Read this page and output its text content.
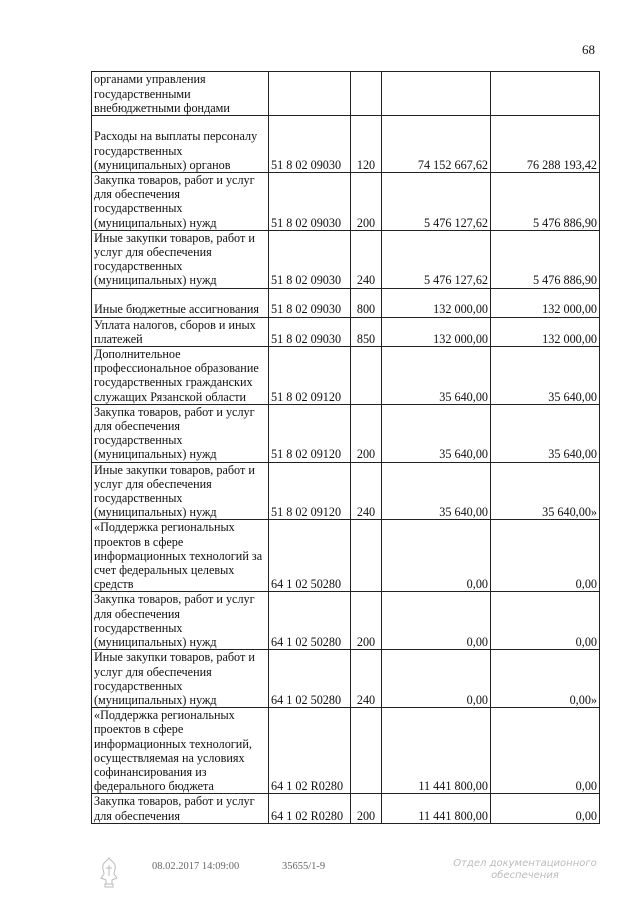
68
органами управления государственными внебюджетными фондами				
Расходы на выплаты персоналу государственных (муниципальных) органов	51 8 02 09030	120	74 152 667,62	76 288 193,42
Закупка товаров, работ и услуг для обеспечения государственных (муниципальных) нужд	51 8 02 09030	200	5 476 127,62	5 476 886,90
Иные закупки товаров, работ и услуг для обеспечения государственных (муниципальных) нужд	51 8 02 09030	240	5 476 127,62	5 476 886,90
Иные бюджетные ассигнования	51 8 02 09030	800	132 000,00	132 000,00
Уплата налогов, сборов и иных платежей	51 8 02 09030	850	132 000,00	132 000,00
Дополнительное профессиональное образование государственных гражданских служащих Рязанской области	51 8 02 09120		35 640,00	35 640,00
Закупка товаров, работ и услуг для обеспечения государственных (муниципальных) нужд	51 8 02 09120	200	35 640,00	35 640,00
Иные закупки товаров, работ и услуг для обеспечения государственных (муниципальных) нужд	51 8 02 09120	240	35 640,00	35 640,00»
«Поддержка региональных проектов в сфере информационных технологий за счет федеральных целевых средств	64 1 02 50280		0,00	0,00
Закупка товаров, работ и услуг для обеспечения государственных (муниципальных) нужд	64 1 02 50280	200	0,00	0,00
Иные закупки товаров, работ и услуг для обеспечения государственных (муниципальных) нужд	64 1 02 50280	240	0,00	0,00»
«Поддержка региональных проектов в сфере информационных технологий, осуществляемая на условиях софинансирования из федерального бюджета	64 1 02 R0280		11 441 800,00	0,00
Закупка товаров, работ и услуг для обеспечения	64 1 02 R0280	200	11 441 800,00	0,00
08.02.2017 14:09:00	35655/1-9	Отдел документационного
обеспечения
